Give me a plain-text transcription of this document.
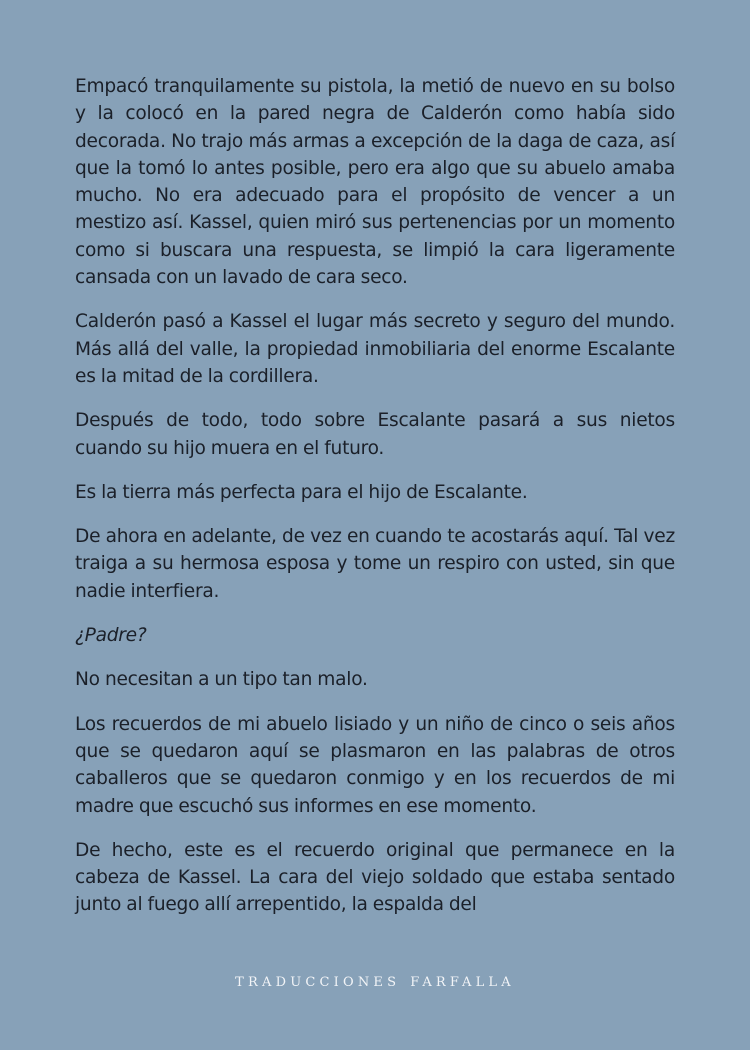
Empacó tranquilamente su pistola, la metió de nuevo en su bolso y la colocó en la pared negra de Calderón como había sido decorada. No trajo más armas a excepción de la daga de caza, así que la tomó lo antes posible, pero era algo que su abuelo amaba mucho. No era adecuado para el propósito de vencer a un mestizo así. Kassel, quien miró sus pertenencias por un momento como si buscara una respuesta, se limpió la cara ligeramente cansada con un lavado de cara seco.

Calderón pasó a Kassel el lugar más secreto y seguro del mundo. Más allá del valle, la propiedad inmobiliaria del enorme Escalante es la mitad de la cordillera.

Después de todo, todo sobre Escalante pasará a sus nietos cuando su hijo muera en el futuro.

Es la tierra más perfecta para el hijo de Escalante.

De ahora en adelante, de vez en cuando te acostarás aquí. Tal vez traiga a su hermosa esposa y tome un respiro con usted, sin que nadie interfiera.

¿Padre?

No necesitan a un tipo tan malo.

Los recuerdos de mi abuelo lisiado y un niño de cinco o seis años que se quedaron aquí se plasmaron en las palabras de otros caballeros que se quedaron conmigo y en los recuerdos de mi madre que escuchó sus informes en ese momento.

De hecho, este es el recuerdo original que permanece en la cabeza de Kassel. La cara del viejo soldado que estaba sentado junto al fuego allí arrepentido, la espalda del

TRADUCCIONES FARFALLA
